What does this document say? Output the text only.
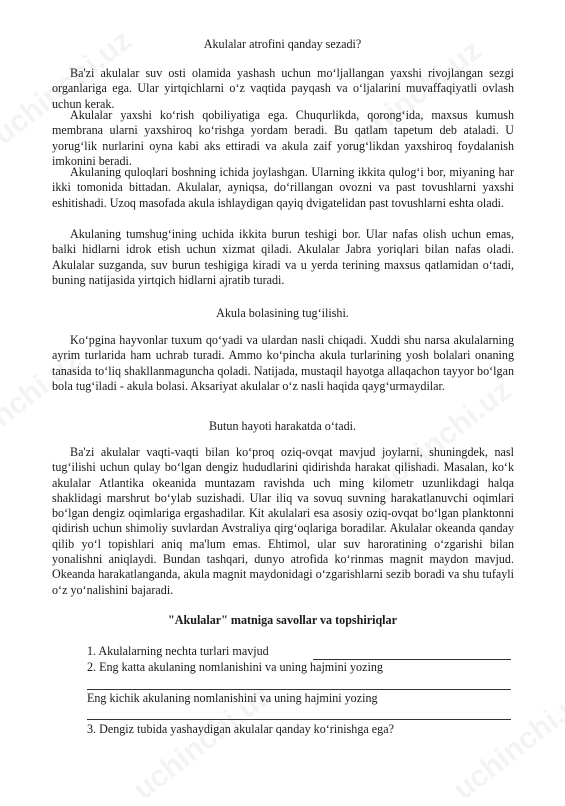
Akulalar atrofini qanday sezadi?

Ba'zi akulalar suv osti olamida yashash uchun mo‘ljallangan yaxshi rivojlangan sezgi organlariga ega. Ular yirtqichlarni o‘z vaqtida payqash va o‘ljalarini muvaffaqiyatli ovlash uchun kerak.

Akulalar yaxshi ko‘rish qobiliyatiga ega. Chuqurlikda, qorong‘ida, maxsus kumush membrana ularni yaxshiroq ko‘rishga yordam beradi. Bu qatlam tapetum deb ataladi. U yorug‘lik nurlarini oyna kabi aks ettiradi va akula zaif yorug‘likdan yaxshiroq foydalanish imkonini beradi.

Akulaning quloqlari boshning ichida joylashgan. Ularning ikkita qulog‘i bor, miyaning har ikki tomonida bittadan. Akulalar, ayniqsa, do‘rillangan ovozni va past tovushlarni yaxshi eshitishadi. Uzoq masofada akula ishlaydigan qayiq dvigatelidan past tovushlarni eshta oladi.

Akulaning tumshug‘ining uchida ikkita burun teshigi bor. Ular nafas olish uchun emas, balki hidlarni idrok etish uchun xizmat qiladi. Akulalar Jabra yoriqlari bilan nafas oladi. Akulalar suzganda, suv burun teshigiga kiradi va u yerda terining maxsus qatlamidan o‘tadi, buning natijasida yirtqich hidlarni ajratib turadi.

Akula bolasining tug‘ilishi.

Ko‘pgina hayvonlar tuxum qo‘yadi va ulardan nasli chiqadi. Xuddi shu narsa akulalarning ayrim turlarida ham uchrab turadi. Ammo ko‘pincha akula turlarining yosh bolalari onaning tanasida to‘liq shakllanmaguncha qoladi. Natijada, mustaqil hayotga allaqachon tayyor bo‘lgan bola tug‘iladi - akula bolasi. Aksariyat akulalar o‘z nasli haqida qayg‘urmaydilar.

Butun hayoti harakatda o‘tadi.

Ba'zi akulalar vaqti-vaqti bilan ko‘proq oziq-ovqat mavjud joylarni, shuningdek, nasl tug‘ilishi uchun qulay bo‘lgan dengiz hududlarini qidirishda harakat qilishadi. Masalan, ko‘k akulalar Atlantika okeanida muntazam ravishda uch ming kilometr uzunlikdagi halqa shaklidagi marshrut bo‘ylab suzishadi. Ular iliq va sovuq suvning harakatlanuvchi oqimlari bo‘lgan dengiz oqimlariga ergashadilar. Kit akulalari esa asosiy oziq-ovqat bo‘lgan planktonni qidirish uchun shimoliy suvlardan Avstraliya qirg‘oqlariga boradilar. Akulalar okeanda qanday qilib yo‘l topishlari aniq ma'lum emas. Ehtimol, ular suv haroratining o‘zgarishi bilan yonalishni aniqlaydi. Bundan tashqari, dunyo atrofida ko‘rinmas magnit maydon mavjud. Okeanda harakatlanganda, akula magnit maydonidagi o‘zgarishlarni sezib boradi va shu tufayli o‘z yo‘nalishini bajaradi.

"Akulalar" matniga savollar va topshiriqlar
1. Akulalarning nechta turlari mavjud
2. Eng katta akulaning nomlanishini va uning hajmini yozing
Eng kichik akulaning nomlanishini va uning hajmini yozing
3. Dengiz tubida yashaydigan akulalar qanday ko‘rinishga ega?
